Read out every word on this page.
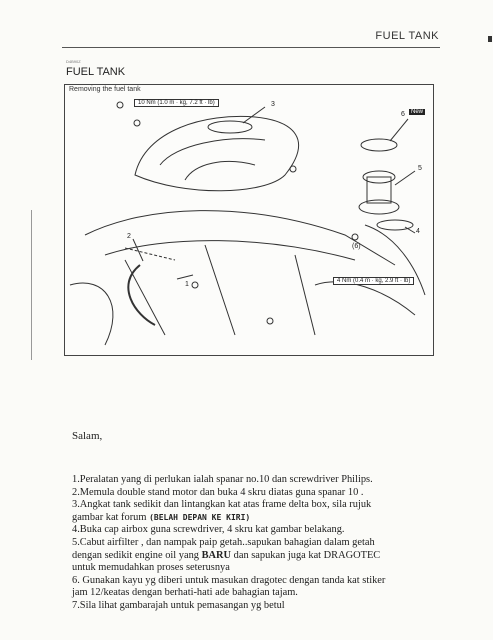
FUEL TANK
D4B90Z
FUEL TANK
Removing the fuel tank
10 Nm (1.0 m · kg, 7.2 ft · lb)
4 Nm (0.4 m · kg, 2.9 ft · lb)
New
1
2
3
4
5
6
(6)
Salam,

1.Peralatan yang di perlukan ialah spanar no.10 dan screwdriver Philips.

2.Memula double stand motor dan buka 4 skru diatas guna spanar 10 .

3.Angkat tank sedikit dan lintangkan kat atas frame delta box, sila rujuk

gambar kat forum (BELAH DEPAN KE KIRI)

4.Buka cap airbox guna screwdriver, 4 skru kat gambar belakang.

5.Cabut airfilter , dan nampak paip getah..sapukan bahagian dalam getah

dengan sedikit engine oil yang BARU dan sapukan juga kat DRAGOTEC

untuk memudahkan proses seterusnya

6. Gunakan kayu yg diberi untuk masukan dragotec dengan tanda kat stiker

jam 12/keatas dengan berhati-hati ade bahagian tajam.

7.Sila lihat gambarajah untuk pemasangan yg betul
